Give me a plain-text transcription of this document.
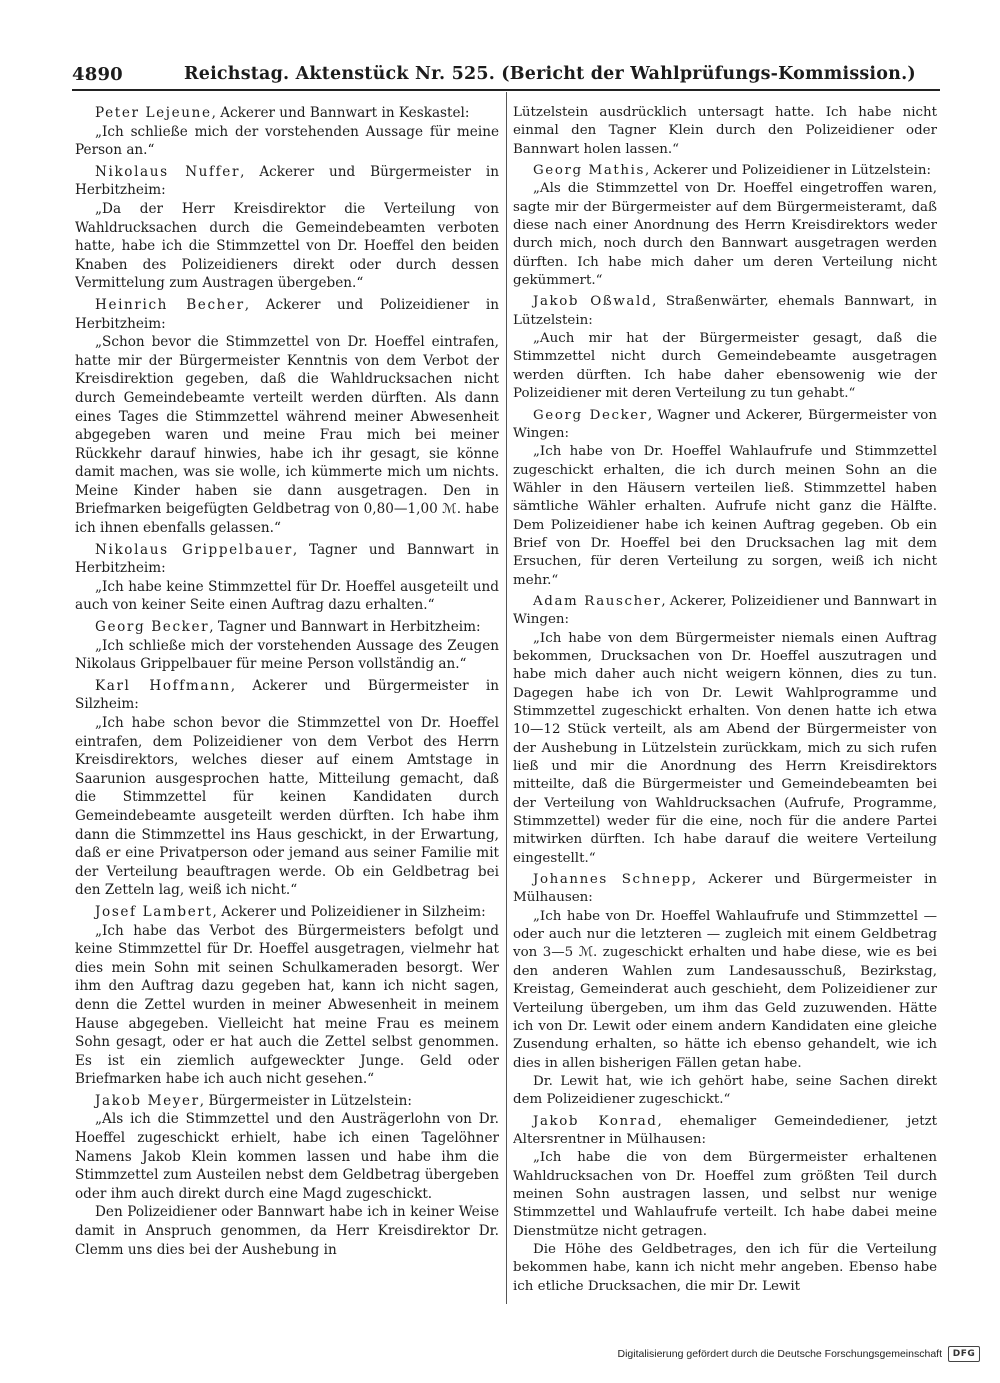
4890	Reichstag. Aktenstück Nr. 525. (Bericht der Wahlprüfungs-Kommission.)

Peter Lejeune, Ackerer und Bannwart in Keskastel:

„Ich schließe mich der vorstehenden Aussage für meine Person an.“

Nikolaus Nuffer, Ackerer und Bürgermeister in Herbitzheim:

„Da der Herr Kreisdirektor die Verteilung von Wahldrucksachen durch die Gemeindebeamten verboten hatte, habe ich die Stimmzettel von Dr. Hoeffel den beiden Knaben des Polizeidieners direkt oder durch dessen Vermittelung zum Austragen übergeben.“

Heinrich Becher, Ackerer und Polizeidiener in Herbitzheim:

„Schon bevor die Stimmzettel von Dr. Hoeffel eintrafen, hatte mir der Bürgermeister Kenntnis von dem Verbot der Kreisdirektion gegeben, daß die Wahldrucksachen nicht durch Gemeindebeamte verteilt werden dürften. Als dann eines Tages die Stimmzettel während meiner Abwesenheit abgegeben waren und meine Frau mich bei meiner Rückkehr darauf hinwies, habe ich ihr gesagt, sie könne damit machen, was sie wolle, ich kümmerte mich um nichts. Meine Kinder haben sie dann ausgetragen. Den in Briefmarken beigefügten Geldbetrag von 0,80—1,00 ℳ. habe ich ihnen ebenfalls gelassen.“

Nikolaus Grippelbauer, Tagner und Bannwart in Herbitzheim:

„Ich habe keine Stimmzettel für Dr. Hoeffel ausgeteilt und auch von keiner Seite einen Auftrag dazu erhalten.“

Georg Becker, Tagner und Bannwart in Herbitzheim:

„Ich schließe mich der vorstehenden Aussage des Zeugen Nikolaus Grippelbauer für meine Person vollständig an.“

Karl Hoffmann, Ackerer und Bürgermeister in Silzheim:

„Ich habe schon bevor die Stimmzettel von Dr. Hoeffel eintrafen, dem Polizeidiener von dem Verbot des Herrn Kreisdirektors, welches dieser auf einem Amtstage in Saarunion ausgesprochen hatte, Mitteilung gemacht, daß die Stimmzettel für keinen Kandidaten durch Gemeindebeamte ausgeteilt werden dürften. Ich habe ihm dann die Stimmzettel ins Haus geschickt, in der Erwartung, daß er eine Privatperson oder jemand aus seiner Familie mit der Verteilung beauftragen werde. Ob ein Geldbetrag bei den Zetteln lag, weiß ich nicht.“

Josef Lambert, Ackerer und Polizeidiener in Silzheim:

„Ich habe das Verbot des Bürgermeisters befolgt und keine Stimmzettel für Dr. Hoeffel ausgetragen, vielmehr hat dies mein Sohn mit seinen Schulkameraden besorgt. Wer ihm den Auftrag dazu gegeben hat, kann ich nicht sagen, denn die Zettel wurden in meiner Abwesenheit in meinem Hause abgegeben. Vielleicht hat meine Frau es meinem Sohn gesagt, oder er hat auch die Zettel selbst genommen. Es ist ein ziemlich aufgeweckter Junge. Geld oder Briefmarken habe ich auch nicht gesehen.“

Jakob Meyer, Bürgermeister in Lützelstein:

„Als ich die Stimmzettel und den Austrägerlohn von Dr. Hoeffel zugeschickt erhielt, habe ich einen Tagelöhner Namens Jakob Klein kommen lassen und habe ihm die Stimmzettel zum Austeilen nebst dem Geldbetrag übergeben oder ihm auch direkt durch eine Magd zugeschickt.

Den Polizeidiener oder Bannwart habe ich in keiner Weise damit in Anspruch genommen, da Herr Kreisdirektor Dr. Clemm uns dies bei der Aushebung in

Lützelstein ausdrücklich untersagt hatte. Ich habe nicht einmal den Tagner Klein durch den Polizeidiener oder Bannwart holen lassen.“

Georg Mathis, Ackerer und Polizeidiener in Lützelstein:

„Als die Stimmzettel von Dr. Hoeffel eingetroffen waren, sagte mir der Bürgermeister auf dem Bürgermeisteramt, daß diese nach einer Anordnung des Herrn Kreisdirektors weder durch mich, noch durch den Bannwart ausgetragen werden dürften. Ich habe mich daher um deren Verteilung nicht gekümmert.“

Jakob Oßwald, Straßenwärter, ehemals Bannwart, in Lützelstein:

„Auch mir hat der Bürgermeister gesagt, daß die Stimmzettel nicht durch Gemeindebeamte ausgetragen werden dürften. Ich habe daher ebensowenig wie der Polizeidiener mit deren Verteilung zu tun gehabt.“

Georg Decker, Wagner und Ackerer, Bürgermeister von Wingen:

„Ich habe von Dr. Hoeffel Wahlaufrufe und Stimmzettel zugeschickt erhalten, die ich durch meinen Sohn an die Wähler in den Häusern verteilen ließ. Stimmzettel haben sämtliche Wähler erhalten. Aufrufe nicht ganz die Hälfte. Dem Polizeidiener habe ich keinen Auftrag gegeben. Ob ein Brief von Dr. Hoeffel bei den Drucksachen lag mit dem Ersuchen, für deren Verteilung zu sorgen, weiß ich nicht mehr.“

Adam Rauscher, Ackerer, Polizeidiener und Bannwart in Wingen:

„Ich habe von dem Bürgermeister niemals einen Auftrag bekommen, Drucksachen von Dr. Hoeffel auszutragen und habe mich daher auch nicht weigern können, dies zu tun. Dagegen habe ich von Dr. Lewit Wahlprogramme und Stimmzettel zugeschickt erhalten. Von denen hatte ich etwa 10—12 Stück verteilt, als am Abend der Bürgermeister von der Aushebung in Lützelstein zurückkam, mich zu sich rufen ließ und mir die Anordnung des Herrn Kreisdirektors mitteilte, daß die Bürgermeister und Gemeindebeamten bei der Verteilung von Wahldrucksachen (Aufrufe, Programme, Stimmzettel) weder für die eine, noch für die andere Partei mitwirken dürften. Ich habe darauf die weitere Verteilung eingestellt.“

Johannes Schnepp, Ackerer und Bürgermeister in Mülhausen:

„Ich habe von Dr. Hoeffel Wahlaufrufe und Stimmzettel — oder auch nur die letzteren — zugleich mit einem Geldbetrag von 3—5 ℳ. zugeschickt erhalten und habe diese, wie es bei den anderen Wahlen zum Landesausschuß, Bezirkstag, Kreistag, Gemeinderat auch geschieht, dem Polizeidiener zur Verteilung übergeben, um ihm das Geld zuzuwenden. Hätte ich von Dr. Lewit oder einem andern Kandidaten eine gleiche Zusendung erhalten, so hätte ich ebenso gehandelt, wie ich dies in allen bisherigen Fällen getan habe.

Dr. Lewit hat, wie ich gehört habe, seine Sachen direkt dem Polizeidiener zugeschickt.“

Jakob Konrad, ehemaliger Gemeindediener, jetzt Altersrentner in Mülhausen:

„Ich habe die von dem Bürgermeister erhaltenen Wahldrucksachen von Dr. Hoeffel zum größten Teil durch meinen Sohn austragen lassen, und selbst nur wenige Stimmzettel und Wahlaufrufe verteilt. Ich habe dabei meine Dienstmütze nicht getragen.

Die Höhe des Geldbetrages, den ich für die Verteilung bekommen habe, kann ich nicht mehr angeben. Ebenso habe ich etliche Drucksachen, die mir Dr. Lewit

Digitalisierung gefördert durch die Deutsche Forschungsgemeinschaft	DFG
